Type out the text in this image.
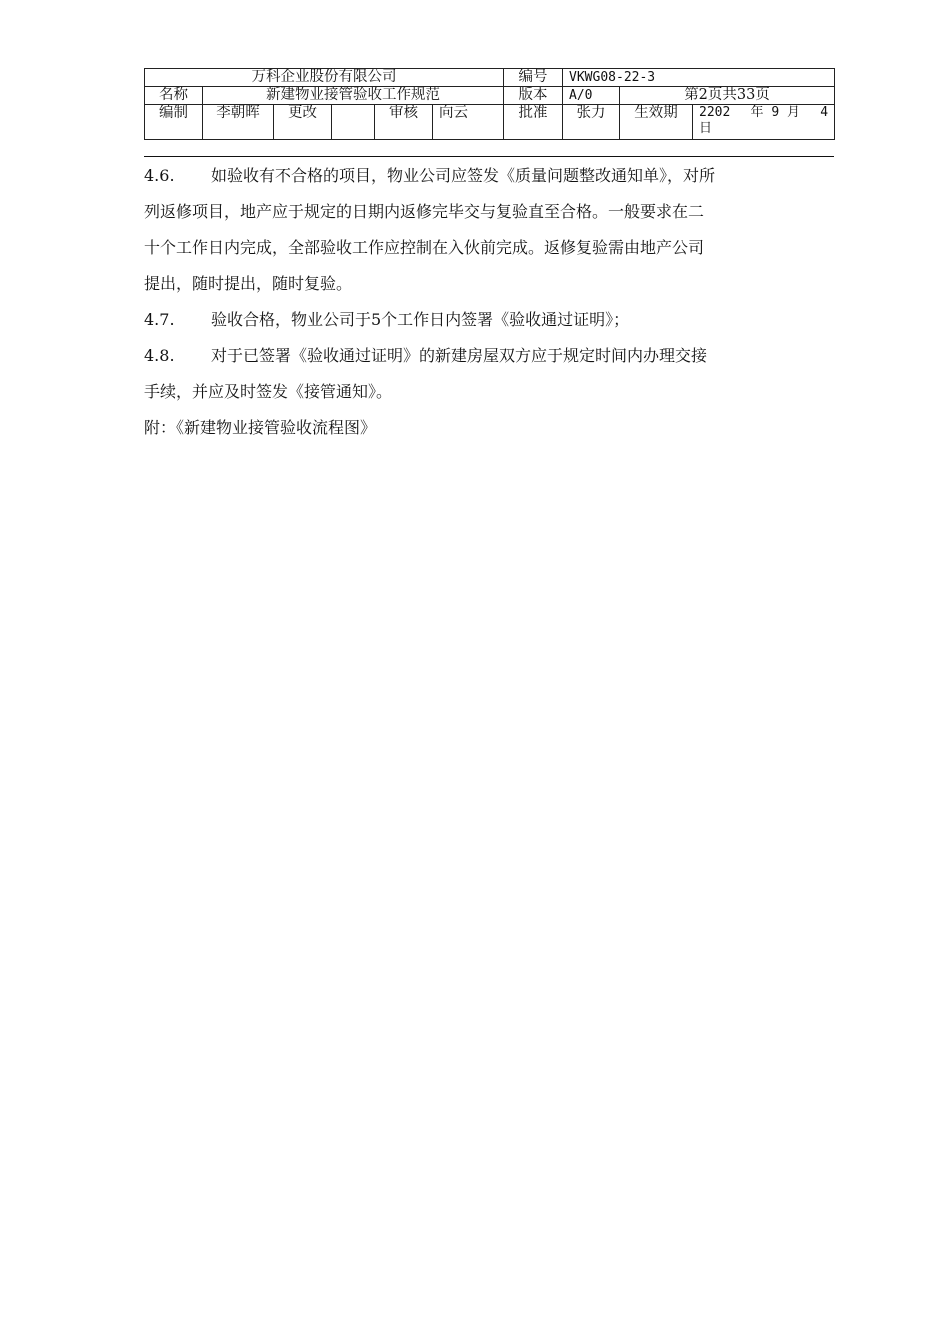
万科企业股份有限公司						编号	VKWG08-22-3		
名称	新建物业接管验收工作规范					版本	A/0	第2页共33页	
编制	李朝晖	更改		审核	向云	批准	张力	生效期	2202 年 9 月 4
日
4.6. 如验收有不合格的项目，物业公司应签发《质量问题整改通知单》，对所
列返修项目，地产应于规定的日期内返修完毕交与复验直至合格。一般要求在二
十个工作日内完成，全部验收工作应控制在入伙前完成。返修复验需由地产公司
提出，随时提出，随时复验。
4.7. 验收合格，物业公司于5个工作日内签署《验收通过证明》；
4.8. 对于已签署《验收通过证明》的新建房屋双方应于规定时间内办理交接
手续，并应及时签发《接管通知》。
附：《新建物业接管验收流程图》
